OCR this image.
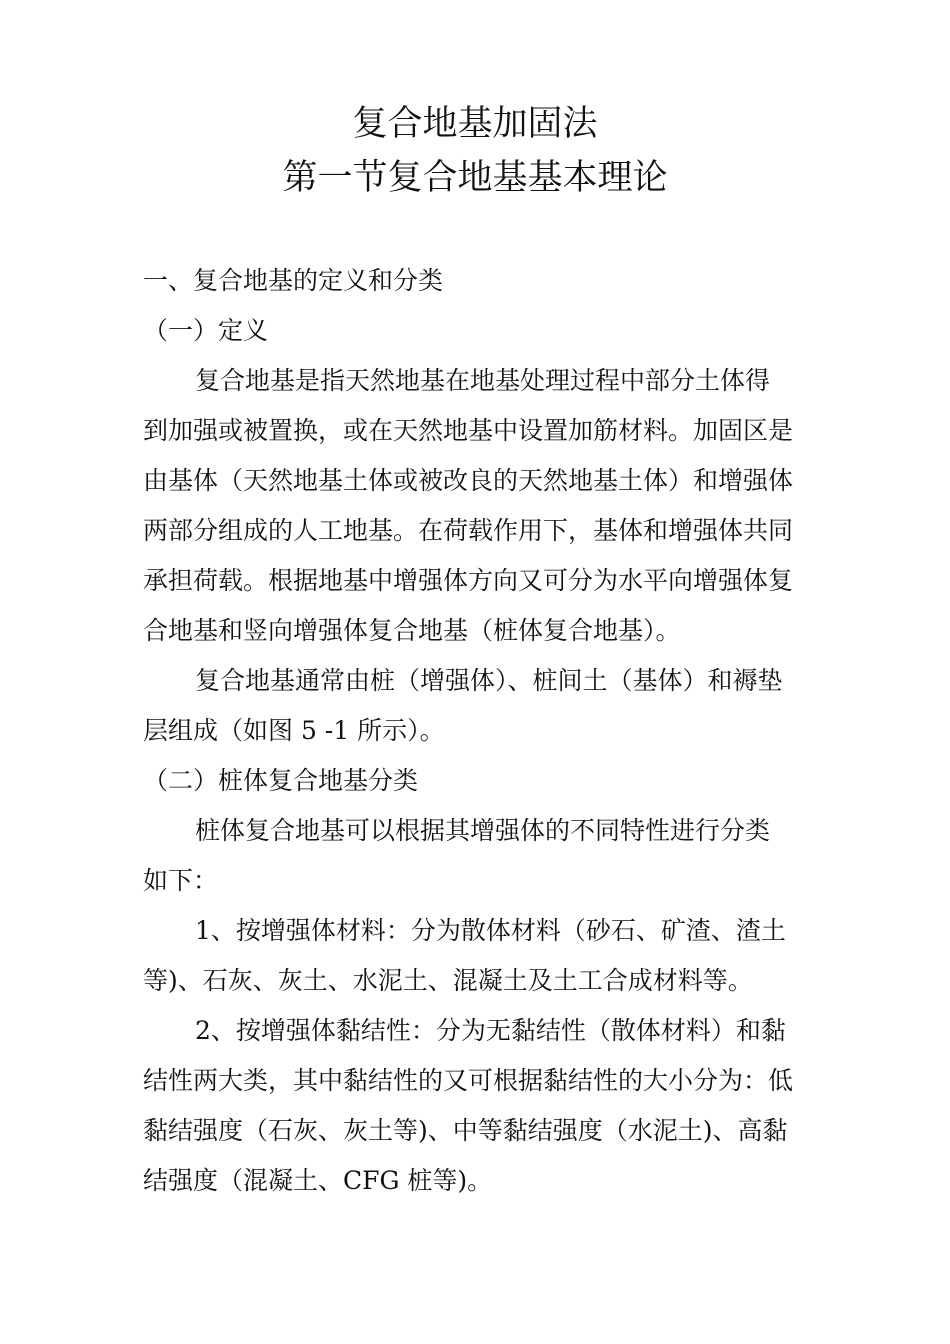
复合地基加固法
第一节复合地基基本理论
一、复合地基的定义和分类
（一）定义
复合地基是指天然地基在地基处理过程中部分土体得
到加强或被置换，或在天然地基中设置加筋材料。加固区是
由基体（天然地基土体或被改良的天然地基土体）和增强体
两部分组成的人工地基。在荷载作用下，基体和增强体共同
承担荷载。根据地基中增强体方向又可分为水平向增强体复
合地基和竖向增强体复合地基（桩体复合地基）。
复合地基通常由桩（增强体）、桩间土（基体）和褥垫
层组成（如图 5 -1 所示）。
（二）桩体复合地基分类
桩体复合地基可以根据其增强体的不同特性进行分类
如下：
1、按增强体材料：分为散体材料（砂石、矿渣、渣土
等)、石灰、灰土、水泥土、混凝土及土工合成材料等。
2、按增强体黏结性：分为无黏结性（散体材料）和黏
结性两大类，其中黏结性的又可根据黏结性的大小分为：低
黏结强度（石灰、灰土等)、中等黏结强度（水泥土)、高黏
结强度（混凝土、CFG 桩等)。
